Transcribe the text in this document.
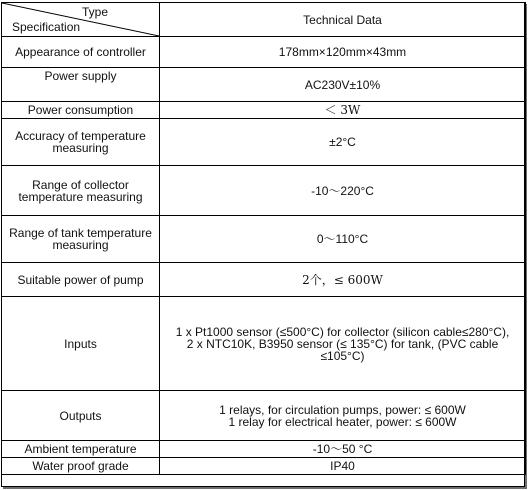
Type
Specification	Technical Data
Appearance of controller	178mm×120mm×43mm
Power supply	AC230V±10%
Power consumption	＜ 3W
Accuracy of temperature measuring	±2°C
Range of collector temperature measuring	-10～220°C
Range of tank temperature measuring	0～110°C
Suitable power of pump	2个，≤ 600W
Inputs	1 x Pt1000 sensor (≤500°C) for collector (silicon cable≤280°C),
2 x NTC10K, B3950 sensor (≤ 135°C) for tank, (PVC cable ≤105°C)

Outputs	1 relays, for circulation pumps, power: ≤ 600W
1 relay for electrical heater, power: ≤ 600W

Ambient temperature	-10～50 °C
Water proof grade	IP40
